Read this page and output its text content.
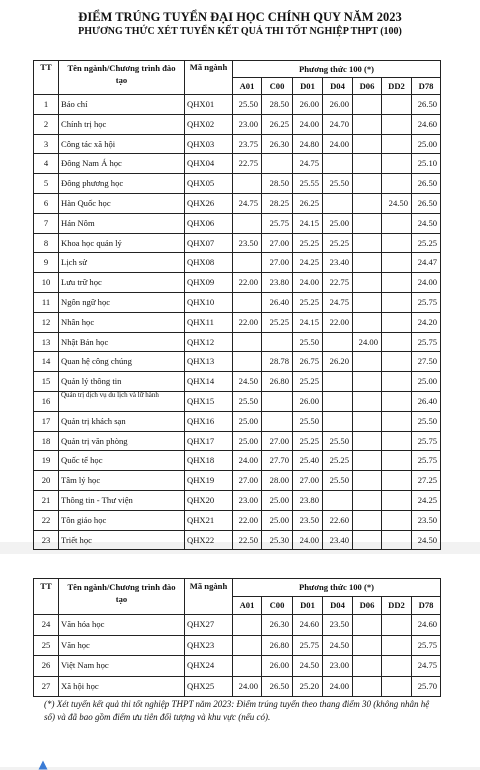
ĐIỂM TRÚNG TUYỂN ĐẠI HỌC CHÍNH QUY NĂM 2023
PHƯƠNG THỨC XÉT TUYỂN KẾT QUẢ THI TỐT NGHIỆP THPT (100)
TT	Tên ngành/Chương trình đào tạo	Mã ngành	Phương thức 100 (*)						
			A01	C00	D01	D04	D06	DD2	D78
1	Báo chí	QHX01	25.50	28.50	26.00	26.00			26.50
2	Chính trị học	QHX02	23.00	26.25	24.00	24.70			24.60
3	Công tác xã hội	QHX03	23.75	26.30	24.80	24.00			25.00
4	Đông Nam Á học	QHX04	22.75		24.75				25.10
5	Đông phương học	QHX05		28.50	25.55	25.50			26.50
6	Hàn Quốc học	QHX26	24.75	28.25	26.25			24.50	26.50
7	Hán Nôm	QHX06		25.75	24.15	25.00			24.50
8	Khoa học quản lý	QHX07	23.50	27.00	25.25	25.25			25.25
9	Lịch sử	QHX08		27.00	24.25	23.40			24.47
10	Lưu trữ học	QHX09	22.00	23.80	24.00	22.75			24.00
11	Ngôn ngữ học	QHX10		26.40	25.25	24.75			25.75
12	Nhân học	QHX11	22.00	25.25	24.15	22.00			24.20
13	Nhật Bản học	QHX12			25.50		24.00		25.75
14	Quan hệ công chúng	QHX13		28.78	26.75	26.20			27.50
15	Quản lý thông tin	QHX14	24.50	26.80	25.25				25.00
16	Quản trị dịch vụ du lịch và lữ hành	QHX15	25.50		26.00				26.40
17	Quản trị khách sạn	QHX16	25.00		25.50				25.50
18	Quản trị văn phòng	QHX17	25.00	27.00	25.25	25.50			25.75
19	Quốc tế học	QHX18	24.00	27.70	25.40	25.25			25.75
20	Tâm lý học	QHX19	27.00	28.00	27.00	25.50			27.25
21	Thông tin - Thư viện	QHX20	23.00	25.00	23.80				24.25
22	Tôn giáo học	QHX21	22.00	25.00	23.50	22.60			23.50
23	Triết học	QHX22	22.50	25.30	24.00	23.40			24.50
TT	Tên ngành/Chương trình đào tạo	Mã ngành	Phương thức 100 (*)						
			A01	C00	D01	D04	D06	DD2	D78
24	Văn hóa học	QHX27		26.30	24.60	23.50			24.60
25	Văn học	QHX23		26.80	25.75	24.50			25.75
26	Việt Nam học	QHX24		26.00	24.50	23.00			24.75
27	Xã hội học	QHX25	24.00	26.50	25.20	24.00			25.70
(*) Xét tuyển kết quả thi tốt nghiệp THPT năm 2023: Điểm trúng tuyển theo thang điểm 30 (không nhân hệ số) và đã bao gồm điểm ưu tiên đối tượng và khu vực (nếu có).
